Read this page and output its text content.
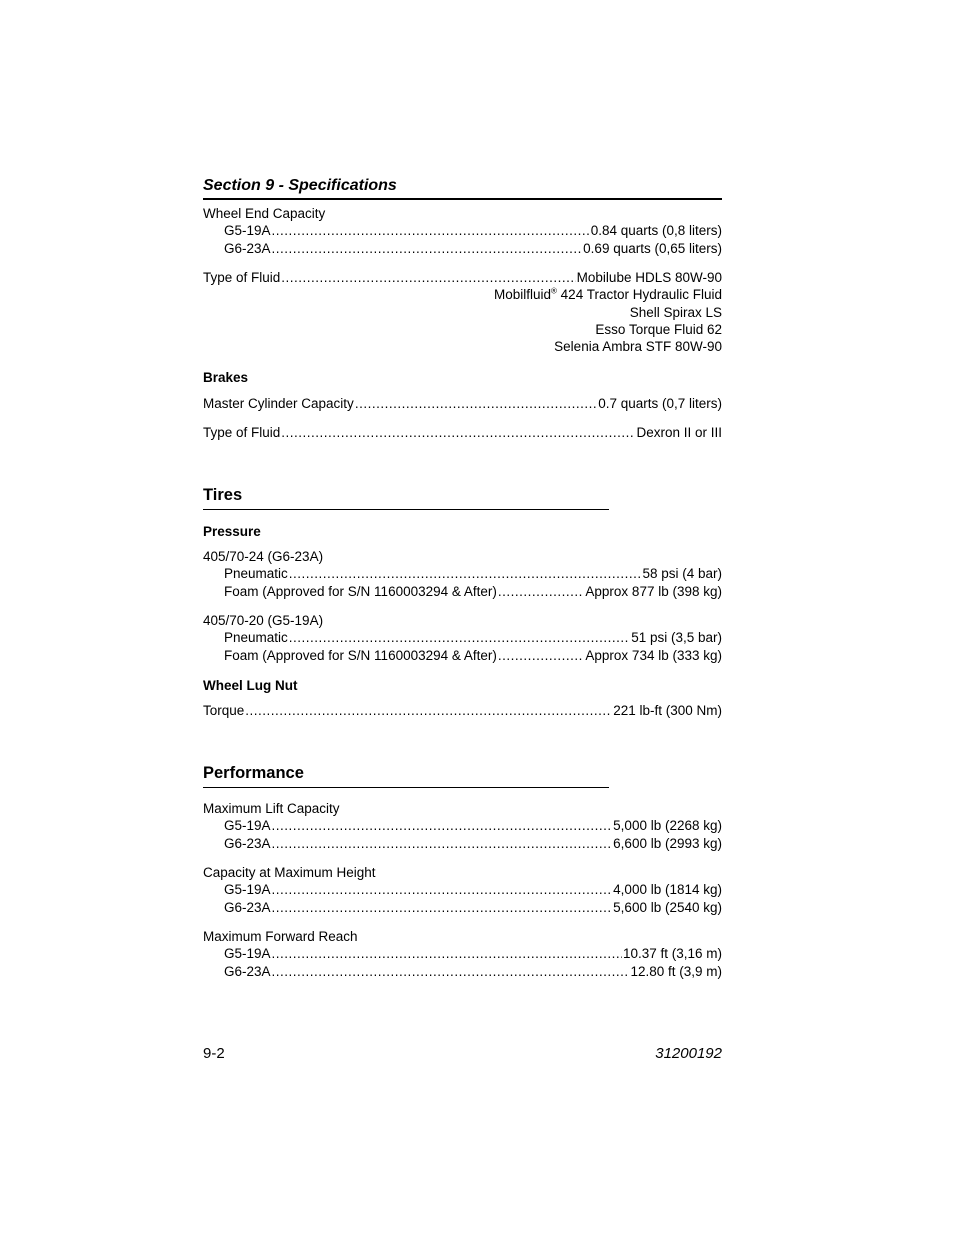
Section 9 - Specifications
Wheel End Capacity
G5-19A .....	0.84 quarts (0,8 liters)
G6-23A .....	0.69 quarts (0,65 liters)
Type of Fluid .....	Mobilube HDLS 80W-90
Mobilfluid® 424 Tractor Hydraulic Fluid
Shell Spirax LS
Esso Torque Fluid 62
Selenia Ambra STF 80W-90
Brakes
Master Cylinder Capacity .....	0.7 quarts (0,7 liters)
Type of Fluid .....	Dexron II or III
Tires
Pressure
405/70-24 (G6-23A)
Pneumatic .....	58 psi (4 bar)
Foam (Approved for S/N 1160003294 & After) .....	Approx 877 lb (398 kg)
405/70-20 (G5-19A)
Pneumatic .....	51 psi (3,5 bar)
Foam (Approved for S/N 1160003294 & After) .....	Approx 734 lb (333 kg)
Wheel Lug Nut
Torque .....	221 lb-ft (300 Nm)
Performance
Maximum Lift Capacity
G5-19A .....	5,000 lb (2268 kg)
G6-23A .....	6,600 lb (2993 kg)
Capacity at Maximum Height
G5-19A .....	4,000 lb (1814 kg)
G6-23A .....	5,600 lb (2540 kg)
Maximum Forward Reach
G5-19A .....	10.37 ft (3,16 m)
G6-23A .....	12.80 ft (3,9 m)
9-2	31200192
